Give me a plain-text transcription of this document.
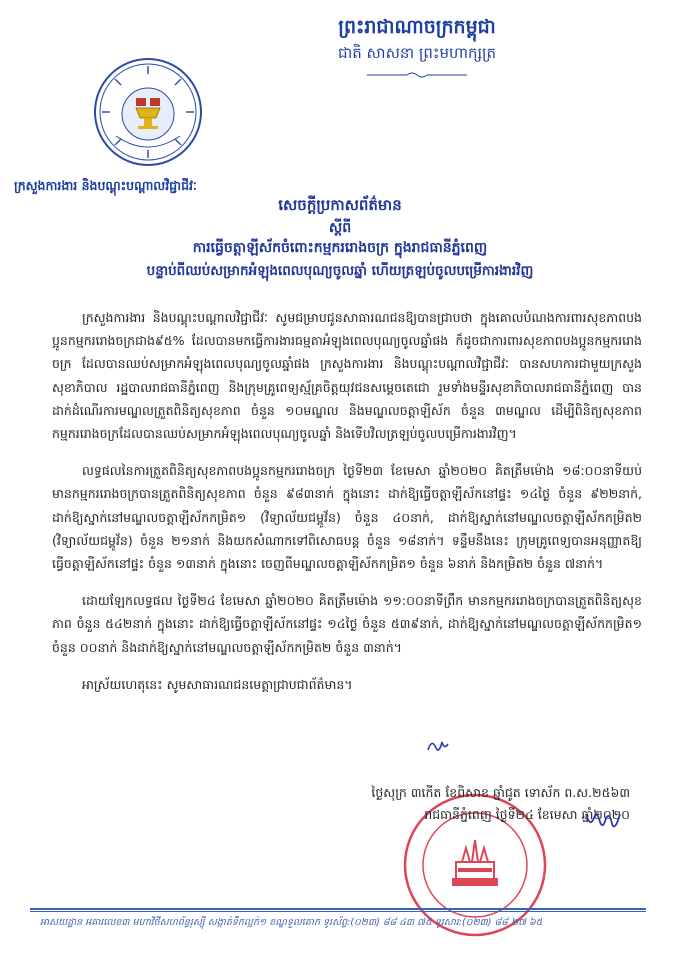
ព្រះរាជាណាចក្រកម្ពុជា
ជាតិ សាសនា ព្រះមហាក្សត្រ
ក្រសួងការងារ និងបណ្តុះបណ្តាលវិជ្ជាជីវៈ
សេចក្តីប្រកាសព័ត៌មាន
ស្តីពី
ការធ្វើចត្តាឡីស័កចំពោះកម្មកររោងចក្រ ក្នុងរាជធានីភ្នំពេញ
បន្ទាប់ពីឈប់សម្រាកអំឡុងពេលបុណ្យចូលឆ្នាំ ហើយត្រឡប់ចូលបម្រើការងារវិញ

ក្រសួងការងារ និងបណ្តុះបណ្តាលវិជ្ជាជីវៈ សូមជម្រាបជូនសាធារណជនឱ្យបានជ្រាបថា ក្នុងគោលបំណងការពារសុខភាពបងប្អូនកម្មកររោងចក្រជាង៩៥% ដែលបានមកធ្វើការងារធម្មតាអំឡុងពេលបុណ្យចូលឆ្នាំផង ក៏ដូចជាការពារសុខភាពបងប្អូនកម្មកររោងចក្រ ដែលបានឈប់សម្រាកអំឡុងពេលបុណ្យចូលឆ្នាំផង ក្រសួងការងារ និងបណ្តុះបណ្តាលវិជ្ជាជីវៈ បានសហការជាមួយក្រសួងសុខាភិបាល រដ្ឋបាលរាជធានីភ្នំពេញ និងក្រុមគ្រូពេទ្យស្ម័គ្រចិត្តយុវជនសម្តេចតេជោ រួមទាំងមន្ទីរសុខាភិបាលរាជធានីភ្នំពេញ បានដាក់ដំណើរការមណ្ឌលត្រួតពិនិត្យសុខភាព ចំនួន ១០មណ្ឌល និងមណ្ឌលចត្តាឡីស័ក ចំនួន ៣មណ្ឌល ដើម្បីពិនិត្យសុខភាពកម្មកររោងចក្រដែលបានឈប់សម្រាកអំឡុងពេលបុណ្យចូលឆ្នាំ និងទើបវិលត្រឡប់ចូលបម្រើការងារវិញ។

លទ្ធផលនៃការត្រួតពិនិត្យសុខភាពបងប្អូនកម្មកររោងចក្រ ថ្ងៃទី២៣ ខែមេសា ឆ្នាំ២០២០ គិតត្រឹមម៉ោង ១៨:០០នាទីយប់ មានកម្មកររោងចក្របានត្រួតពិនិត្យសុខភាព ចំនួន ៩៨៣នាក់ ក្នុងនោះ ដាក់ឱ្យធ្វើចត្តាឡីស័កនៅផ្ទះ ១៤ថ្ងៃ ចំនួន ៩២២នាក់, ដាក់ឱ្យស្នាក់នៅមណ្ឌលចត្តាឡីស័កកម្រិត១ (វិទ្យាល័យជម្ពូវ័ន) ចំនួន ៤០នាក់, ដាក់ឱ្យស្នាក់នៅមណ្ឌលចត្តាឡីស័កកម្រិត២ (វិទ្យាល័យជម្ពូវ័ន) ចំនួន ២១នាក់ និងយកសំណាកទៅពិសោធបន្ត ចំនួន ១៨នាក់។ ទន្ទឹមនឹងនេះ ក្រុមគ្រូពេទ្យបានអនុញ្ញាតឱ្យធ្វើចត្តាឡីស័កនៅផ្ទះ ចំនួន ១៣នាក់ ក្នុងនោះ ចេញពីមណ្ឌលចត្តាឡីស័កកម្រិត១ ចំនួន ៦នាក់ និងកម្រិត២ ចំនួន ៧នាក់។

ដោយឡែកលទ្ធផល ថ្ងៃទី២៤ ខែមេសា ឆ្នាំ២០២០ គិតត្រឹមម៉ោង ១១:០០នាទីព្រឹក មានកម្មកររោងចក្របានត្រួតពិនិត្យសុខភាព ចំនួន ៥៤២នាក់ ក្នុងនោះ ដាក់ឱ្យធ្វើចត្តាឡីស័កនៅផ្ទះ ១៤ថ្ងៃ ចំនួន ៥៣៩នាក់, ដាក់ឱ្យស្នាក់នៅមណ្ឌលចត្តាឡីស័កកម្រិត១ ចំនួន ០០នាក់ និងដាក់ឱ្យស្នាក់នៅមណ្ឌលចត្តាឡីស័កកម្រិត២ ចំនួន ៣នាក់។

អាស្រ័យហេតុនេះ សូមសាធារណជនមេត្តាជ្រាបជាព័ត៌មាន។

ថ្ងៃសុក្រ ៣កើត ខែពិសាខ ឆ្នាំជូត ទោស័ក ព.ស.២៥៦៣
រាជធានីភ្នំពេញ ថ្ងៃទី២៤ ខែមេសា ឆ្នាំ២០២០
អាសយដ្ឋាន អគារលេខ៣ មហាវិថីសហព័ន្ធរុស្ស៊ី សង្កាត់ទឹកល្អក់១ ខណ្ឌទួលគោក ទូរស័ព្ទ:(០២៣) ៨៨ ៤៣ ៧៥ ទូរសារ:(០២៣) ៨៨ ២៧ ៦៥
